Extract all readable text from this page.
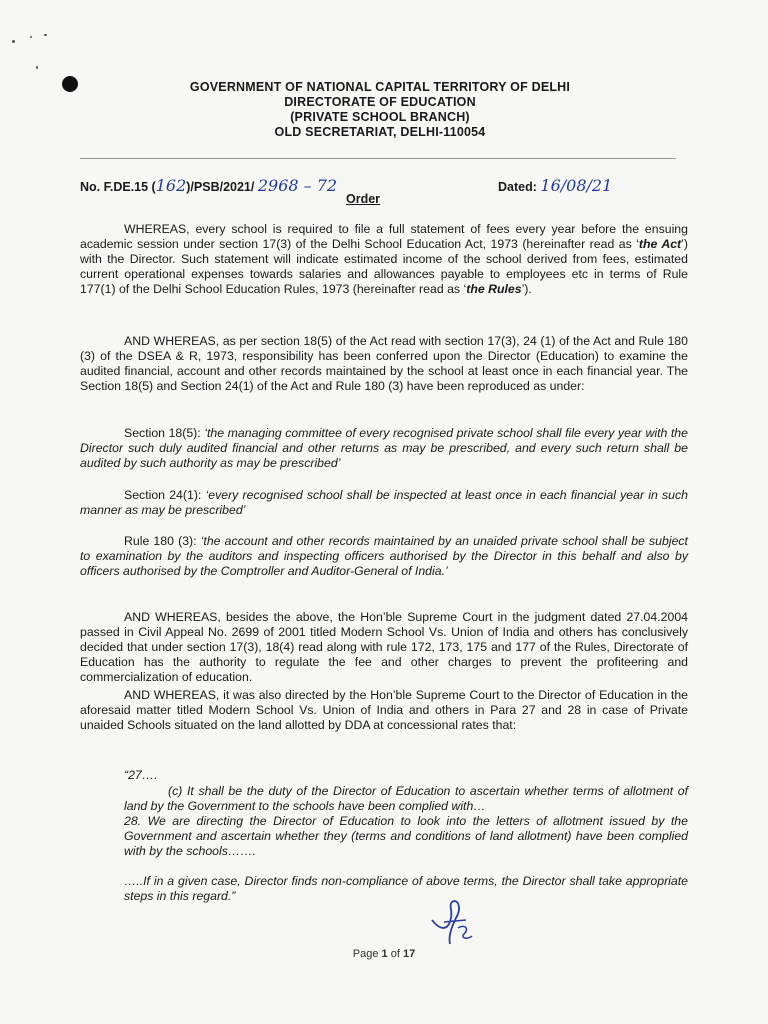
GOVERNMENT OF NATIONAL CAPITAL TERRITORY OF DELHI
DIRECTORATE OF EDUCATION
(PRIVATE SCHOOL BRANCH)
OLD SECRETARIAT, DELHI-110054
No. F.DE.15 (162)/PSB/2021/ 2968 – 72	Dated: 16/08/21
Order
WHEREAS, every school is required to file a full statement of fees every year before the ensuing academic session under section 17(3) of the Delhi School Education Act, 1973 (hereinafter read as ‘the Act’) with the Director. Such statement will indicate estimated income of the school derived from fees, estimated current operational expenses towards salaries and allowances payable to employees etc in terms of Rule 177(1) of the Delhi School Education Rules, 1973 (hereinafter read as ‘the Rules’).
AND WHEREAS, as per section 18(5) of the Act read with section 17(3), 24 (1) of the Act and Rule 180 (3) of the DSEA & R, 1973, responsibility has been conferred upon the Director (Education) to examine the audited financial, account and other records maintained by the school at least once in each financial year. The Section 18(5) and Section 24(1) of the Act and Rule 180 (3) have been reproduced as under:
Section 18(5): ‘the managing committee of every recognised private school shall file every year with the Director such duly audited financial and other returns as may be prescribed, and every such return shall be audited by such authority as may be prescribed’
Section 24(1): ‘every recognised school shall be inspected at least once in each financial year in such manner as may be prescribed’
Rule 180 (3): ‘the account and other records maintained by an unaided private school shall be subject to examination by the auditors and inspecting officers authorised by the Director in this behalf and also by officers authorised by the Comptroller and Auditor-General of India.’
AND WHEREAS, besides the above, the Hon’ble Supreme Court in the judgment dated 27.04.2004 passed in Civil Appeal No. 2699 of 2001 titled Modern School Vs. Union of India and others has conclusively decided that under section 17(3), 18(4) read along with rule 172, 173, 175 and 177 of the Rules, Directorate of Education has the authority to regulate the fee and other charges to prevent the profiteering and commercialization of education.
AND WHEREAS, it was also directed by the Hon’ble Supreme Court to the Director of Education in the aforesaid matter titled Modern School Vs. Union of India and others in Para 27 and 28 in case of Private unaided Schools situated on the land allotted by DDA at concessional rates that:
“27….
(c) It shall be the duty of the Director of Education to ascertain whether terms of allotment of land by the Government to the schools have been complied with…
28. We are directing the Director of Education to look into the letters of allotment issued by the Government and ascertain whether they (terms and conditions of land allotment) have been complied with by the schools…….
…..If in a given case, Director finds non-compliance of above terms, the Director shall take appropriate steps in this regard.”
Page 1 of 17
